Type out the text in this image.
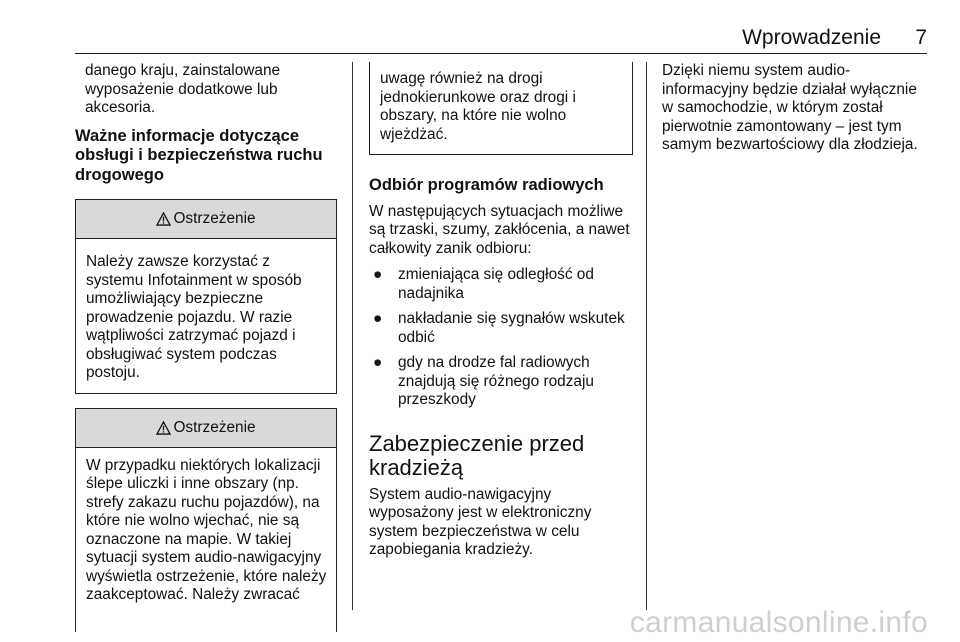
Wprowadzenie 7

danego kraju, zainstalowane wyposażenie dodatkowe lub akcesoria.

Ważne informacje dotyczące obsługi i bezpieczeństwa ruchu drogowego

Ostrzeżenie

Należy zawsze korzystać z systemu Infotainment w sposób umożliwiający bezpieczne prowadzenie pojazdu. W razie wątpliwości zatrzymać pojazd i obsługiwać system podczas postoju.

Ostrzeżenie

W przypadku niektórych lokalizacji ślepe uliczki i inne obszary (np. strefy zakazu ruchu pojazdów), na które nie wolno wjechać, nie są oznaczone na mapie. W takiej sytuacji system audio-nawigacyjny wyświetla ostrzeżenie, które należy zaakceptować. Należy zwracać

uwagę również na drogi jednokierunkowe oraz drogi i obszary, na które nie wolno wjeżdżać.

Odbiór programów radiowych

W następujących sytuacjach możliwe są trzaski, szumy, zakłócenia, a nawet całkowity zanik odbioru:

● zmieniająca się odległość od nadajnika
● nakładanie się sygnałów wskutek odbić
● gdy na drodze fal radiowych znajdują się różnego rodzaju przeszkody

Zabezpieczenie przed kradzieżą

System audio-nawigacyjny wyposażony jest w elektroniczny system bezpieczeństwa w celu zapobiegania kradzieży.

Dzięki niemu system audio-informacyjny będzie działał wyłącznie w samochodzie, w którym został pierwotnie zamontowany – jest tym samym bezwartościowy dla złodzieja.

carmanualsonline.info
